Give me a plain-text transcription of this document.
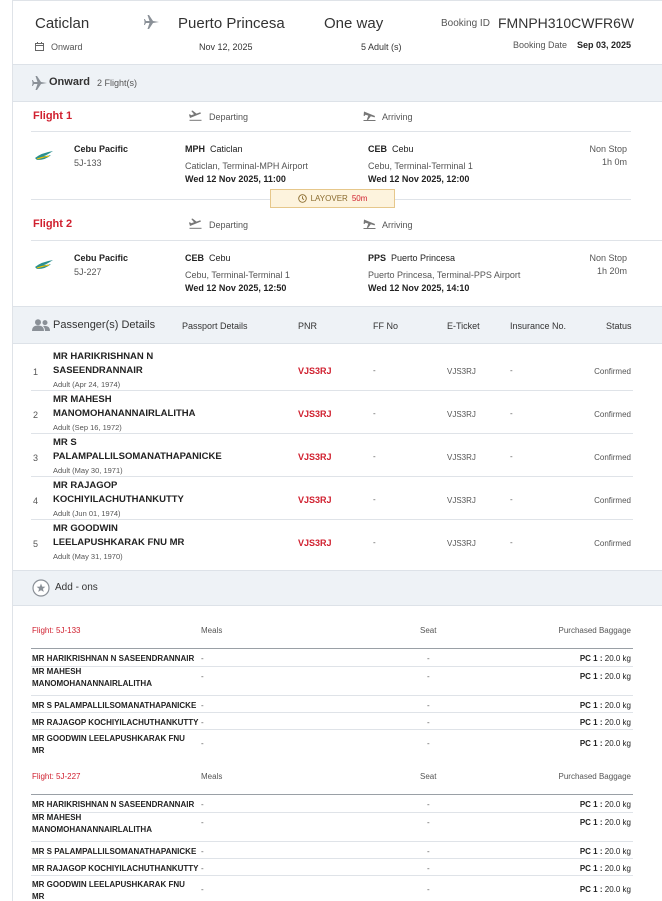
Caticlan	Puerto Princesa	One way	Booking ID FMNPH310CWFR6W
Onward	Nov 12, 2025	5 Adult (s)	Booking Date Sep 03, 2025
Onward 2 Flight(s)
Flight 1	Departing	Arriving
Cebu Pacific
5J-133
MPH Caticlan
Caticlan, Terminal-MPH Airport
Wed 12 Nov 2025, 11:00
CEB Cebu
Cebu, Terminal-Terminal 1
Wed 12 Nov 2025, 12:00
Non Stop
1h 0m
LAYOVER 50m
Flight 2	Departing	Arriving
Cebu Pacific
5J-227
CEB Cebu
Cebu, Terminal-Terminal 1
Wed 12 Nov 2025, 12:50
PPS Puerto Princesa
Puerto Princesa, Terminal-PPS Airport
Wed 12 Nov 2025, 14:10
Non Stop
1h 20m
Passenger(s) Details	Passport Details	PNR	FF No	E-Ticket	Insurance No.	Status
1
MR HARIKRISHNAN N
SASEENDRANNAIR
Adult (Apr 24, 1974)
VJS3RJ	-	VJS3RJ	-	Confirmed
2
MR MAHESH
MANOMOHANANNAIRLALITHA
Adult (Sep 16, 1972)
VJS3RJ	-	VJS3RJ	-	Confirmed
3
MR S
PALAMPALLILSOMANATHAPANICKE
Adult (May 30, 1971)
VJS3RJ	-	VJS3RJ	-	Confirmed
4
MR RAJAGOP
KOCHIYILACHUTHANKUTTY
Adult (Jun 01, 1974)
VJS3RJ	-	VJS3RJ	-	Confirmed
5
MR GOODWIN
LEELAPUSHKARAK FNU MR
Adult (May 31, 1970)
VJS3RJ	-	VJS3RJ	-	Confirmed
Add - ons
Flight: 5J-133	Meals	Seat	Purchased Baggage
MR HARIKRISHNAN N SASEENDRANNAIR -	-	PC 1 : 20.0 kg
MR MAHESH
MANOMOHANANNAIRLALITHA
-	-	PC 1 : 20.0 kg
MR S PALAMPALLILSOMANATHAPANICKE -	-	PC 1 : 20.0 kg
MR RAJAGOP KOCHIYILACHUTHANKUTTY -	-	PC 1 : 20.0 kg
MR GOODWIN LEELAPUSHKARAK FNU
MR
-	-	PC 1 : 20.0 kg
Flight: 5J-227	Meals	Seat	Purchased Baggage
MR HARIKRISHNAN N SASEENDRANNAIR -	-	PC 1 : 20.0 kg
MR MAHESH
MANOMOHANANNAIRLALITHA
-	-	PC 1 : 20.0 kg
MR S PALAMPALLILSOMANATHAPANICKE -	-	PC 1 : 20.0 kg
MR RAJAGOP KOCHIYILACHUTHANKUTTY -	-	PC 1 : 20.0 kg
MR GOODWIN LEELAPUSHKARAK FNU
MR
-	-	PC 1 : 20.0 kg
